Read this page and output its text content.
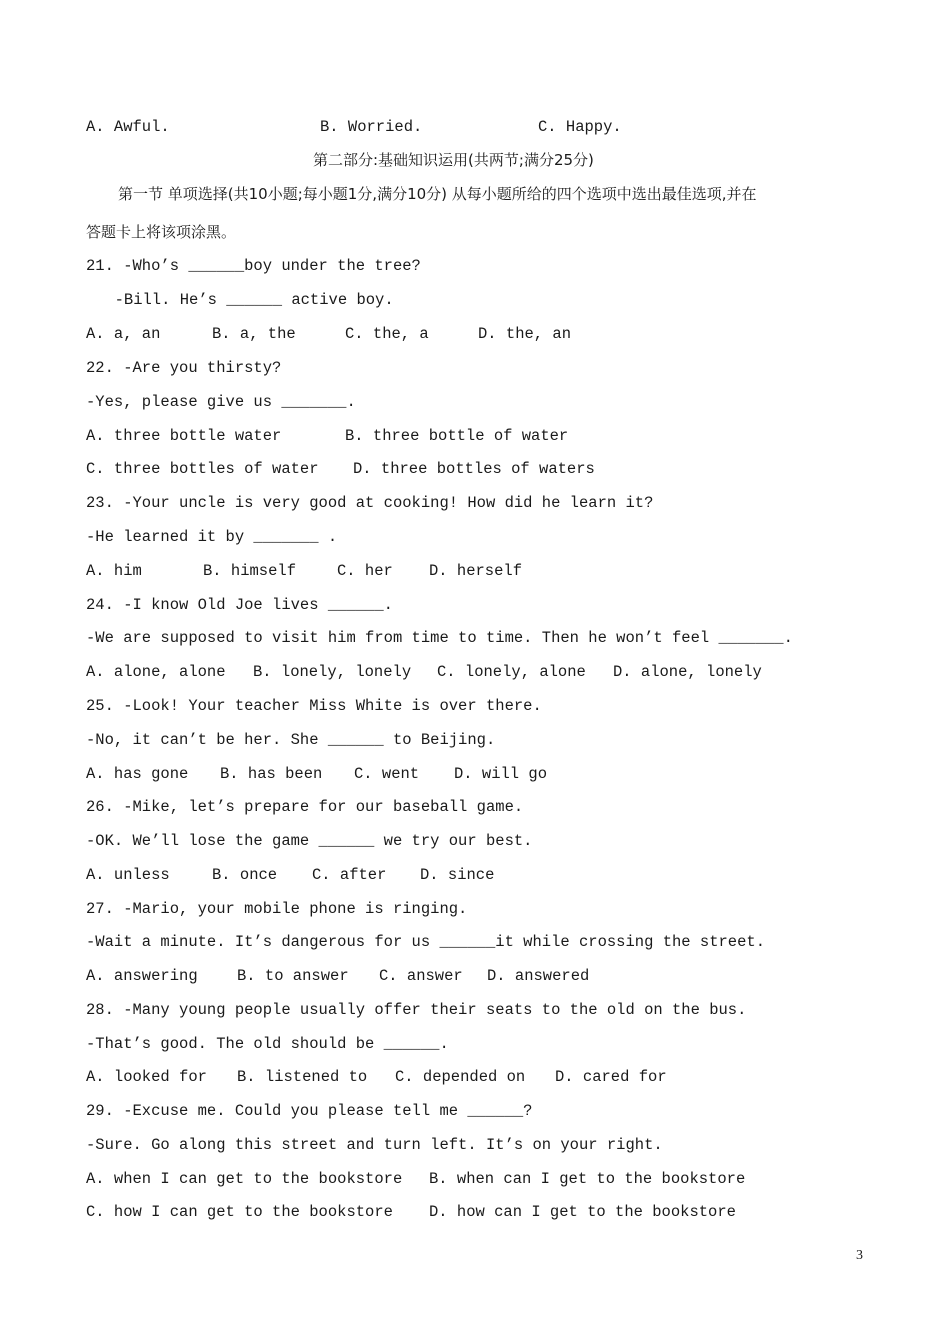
A. Awful.	B. Worried.	C. Happy.
第二部分:基础知识运用(共两节;满分25分)
第一节 单项选择(共10小题;每小题1分,满分10分) 从每小题所给的四个选项中选出最佳选项,并在
答题卡上将该项涂黑。
21. -Who’s ______boy under the tree?
-Bill. He’s ______ active boy.
A. a, an	B. a, the	C. the, a	D. the, an
22. -Are you thirsty?
-Yes, please give us _______.
A. three bottle water	B. three bottle of water
C. three bottles of water D. three bottles of waters
23. -Your uncle is very good at cooking! How did he learn it?
-He learned it by _______ .
A. him	B. himself	C. her D. herself
24. -I know Old Joe lives ______.
-We are supposed to visit him from time to time. Then he won’t feel _______.
A. alone, alone B. lonely, lonely C. lonely, alone D. alone, lonely
25. -Look! Your teacher Miss White is over there.
-No, it can’t be her. She ______ to Beijing.
A. has gone B. has been C. went D. will go
26. -Mike, let’s prepare for our baseball game.
-OK. We’ll lose the game ______ we try our best.
A. unless	B. once C. after D. since
27. -Mario, your mobile phone is ringing.
-Wait a minute. It’s dangerous for us ______it while crossing the street.
A. answering	B. to answer C. answer D. answered
28. -Many young people usually offer their seats to the old on the bus.
-That’s good. The old should be ______.
A. looked for B. listened to C. depended on D. cared for
29. -Excuse me. Could you please tell me ______?
-Sure. Go along this street and turn left. It’s on your right.
A. when I can get to the bookstore B. when can I get to the bookstore
C. how I can get to the bookstore D. how can I get to the bookstore
3
